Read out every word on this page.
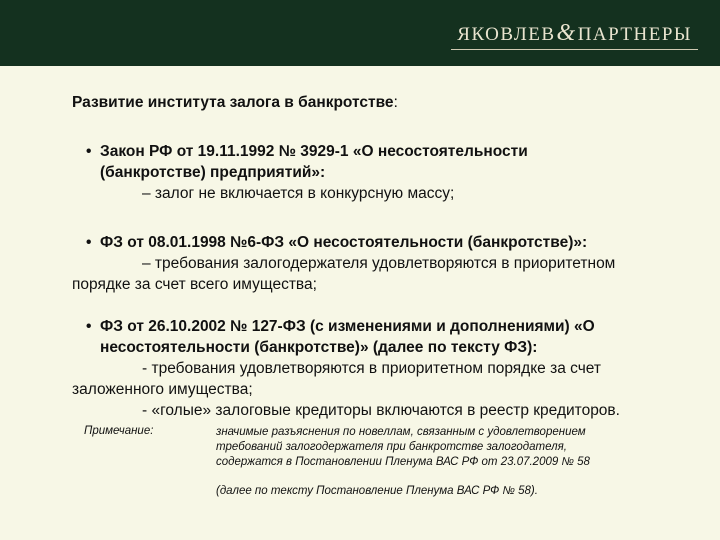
ЯКОВЛЕВ&ПАРТНЕРЫ
Развитие института залога в банкротстве:
• Закон РФ от 19.11.1992 № 3929-1 «О несостоятельности
(банкротстве) предприятий»:
– залог не включается в конкурсную массу;
• ФЗ от 08.01.1998 №6-ФЗ «О несостоятельности (банкротстве)»:
– требования залогодержателя удовлетворяются в приоритетном
порядке за счет всего имущества;
• ФЗ от 26.10.2002 № 127-ФЗ (с изменениями и дополнениями) «О
несостоятельности (банкротстве)» (далее по тексту ФЗ):
- требования удовлетворяются в приоритетном порядке за счет
заложенного имущества;
- «голые» залоговые кредиторы включаются в реестр кредиторов.
Примечание:	значимые разъяснения по новеллам, связанным с удовлетворением
требований залогодержателя при банкротстве залогодателя,
содержатся в Постановлении Пленума ВАС РФ от 23.07.2009 № 58
(далее по тексту Постановление Пленума ВАС РФ № 58).
